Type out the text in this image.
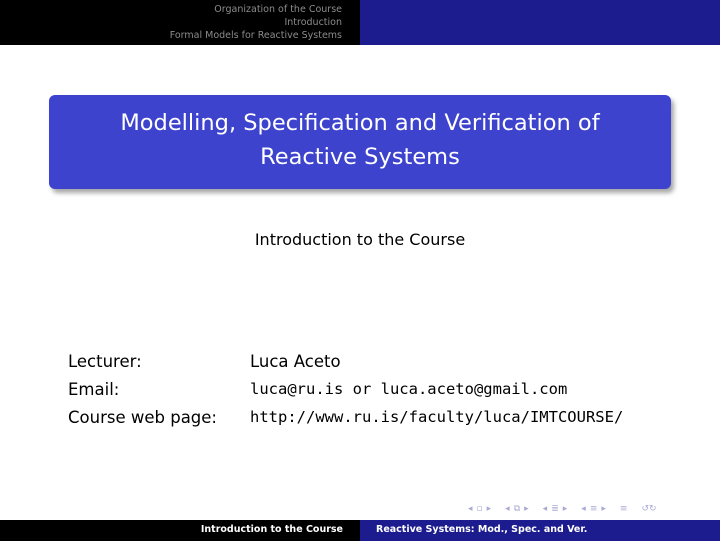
Organization of the Course
Introduction
Formal Models for Reactive Systems
Modelling, Specification and Verification of
Reactive Systems
Introduction to the Course
Lecturer:	Luca Aceto
Email:	luca@ru.is or luca.aceto@gmail.com
Course web page:	http://www.ru.is/faculty/luca/IMTCOURSE/
◂ ▫ ▸ ◂ ⧉ ▸ ◂ ≣ ▸ ◂ ≡ ▸ ≡ ↺↻
Introduction to the Course	Reactive Systems: Mod., Spec. and Ver.
